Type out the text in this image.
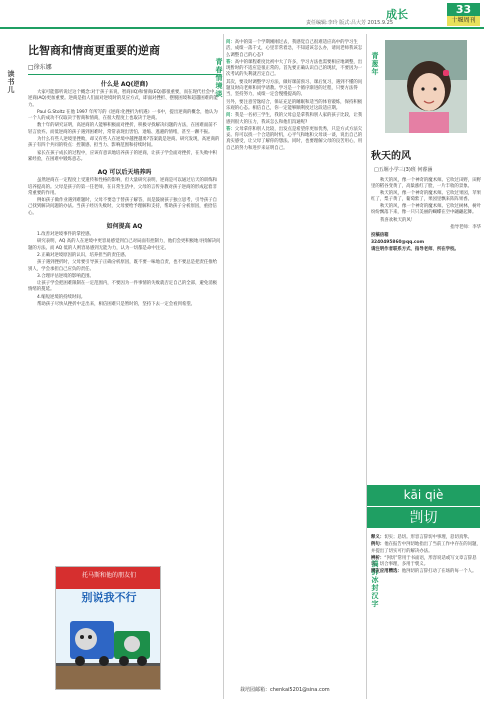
成长
责任编辑:李玲 版式:吕大芳 2015.9.25
33
十堰周刊
读书儿	青春情境谈	青葱年
搞拆冰封汉字
比智商和情商更重要的逆商
□徐东娜
什么是 AQ(逆商)

大家可能都听说过这个概念:对于孩子来说，智商(IQ)和情商(EQ)都很重要，而在现代社会中，逆商(AQ)更加重要。逆商是指人们面对逆境时的反应方式，即面对挫折、摆脱困境和超越困难的能力。

Paul G.Stoltz 在他 1997 年所写的《逆商:化挫折为机遇》一书中，提出逆商的概念，他认为一个人的成功不仅取决于智商和情商，在很大程度上也取决于逆商。

数十年的研究证明，高逆商的人能够积极面对挫折，积极寻找解决问题的方法，在困难面前不轻言放弃。而低逆商的孩子遇到困难时，常常表现出害怕、退缩、逃避的情绪，甚至一蹶不振。

为什么有些人逆境里挫败，却又有些人在逆境中越挫越勇?答案就是逆商。研究发现，高逆商的孩子有四个共同的特点：控制感、担当力、影响范围和持续时间。

家长在孩子成长的过程中，应该有意识地培养孩子的逆商，让孩子学会面对挫折，在失败中积累经验，在困难中锻炼意志。

AQ 可以后天培养吗

虽然逆商在一定程度上受遗传和性格的影响，但大量研究表明，逆商是可以通过后天的训练和培养提高的。父母是孩子的第一任老师，在日常生活中，父母的言传身教对孩子逆商的形成起着非常重要的作用。

例如孩子做作业遇到难题时，父母不要急于替孩子解答，而是鼓励孩子独立思考，引导孩子自己找到解决问题的办法。当孩子经历失败时，父母要给予理解和支持，帮助孩子分析原因，重拾信心。

如何提高 AQ

1.改善对逆境事件的掌控感。

研究表明，AQ 高的人在逆境中更容易感觉到自己对局面有控制力，他们会更积极地寻找解决问题的方法。而 AQ 低的人则容易感到无能为力，认为一切都是命中注定。

2.正确对逆境原因的认识，培养担当的责任感。

孩子遇到挫折时，父母要引导孩子正确分析原因，既不要一味地自责，也不要总是把责任推给别人，学会承担自己应负的责任。

3.合理评估逆境的影响范围。

让孩子学会把困难限制在一定范围内，不要因为一件事情的失败就否定自己的全部，避免消极情绪的蔓延。

4.缩短逆境的持续时间。

帮助孩子尽快从挫折中走出来，相信困难只是暂时的，坚持下去一定会看到希望。

托马斯和他的朋友们
别说我不行

问：高中的第一个学期刚刚过去，我感觉自己很难适应高中的学习生活，成绩一落千丈，心里非常着急，不知道该怎么办，请问老师我该怎么调整自己的心态?

答：高中的课程难度比初中大了许多，学习方法也需要相应地调整，出现暂时的不适应是很正常的。首先要正确认识自己的现状，不要因为一次考试的失利就否定自己。

其次，要及时调整学习方法，做好课前预习、课后复习，遇到不懂的问题及时向老师和同学请教。学习是一个循序渐进的过程，只要方法得当，坚持努力，成绩一定会慢慢提高的。

另外，要注意劳逸结合，保证充足的睡眠和适当的体育锻炼，保持积极乐观的心态。相信自己，你一定能够顺利度过这段适应期。

问：我是一名初三学生，我的父母总是拿我和别人家的孩子比较，让我感到很大的压力，我该怎么和他们沟通呢?

答：父母拿你和别人比较，出发点是希望你更加优秀，只是方式方法欠妥。你可以找一个合适的时机，心平气和地和父母谈一谈，说出自己的真实感受，让父母了解你的想法。同时，也要理解父母的良苦用心，用自己的努力和进步来证明自己。

栽培园邮箱：chenkai5201@sina.com
秋天的风
□五堰小学三(3)班 何睿涵

秋天的风，像一个神奇的魔术师。它吹过田野，田野里的稻谷变黄了，高粱涨红了脸，一片丰收的景象。

秋天的风，像一个神奇的魔术师。它吹过果园，苹果红了，梨子黄了，葡萄紫了，果园里飘来阵阵果香。

秋天的风，像一个神奇的魔术师。它吹过树林，树叶纷纷飘落下来，像一只只美丽的蝴蝶在空中翩翩起舞。

我喜欢秋天的风！

指导老师：李华

投稿信箱

3240495860@qq.com

请注明作者联系方式、指导老师、所在学校。

kāi qiè
剀切

释义：切实；恳切。形容言辞切中事理，恳切真挚。

例句：他在报告中剀切地指出了当前工作中存在的问题，并提出了切实可行的解决办法。

辨析：“剀切”常用于书面语，形容说话或写文章言辞恳切、切合事理，多用于褒义。

网友应用精选：他剀切的言辞打动了在场的每一个人。
